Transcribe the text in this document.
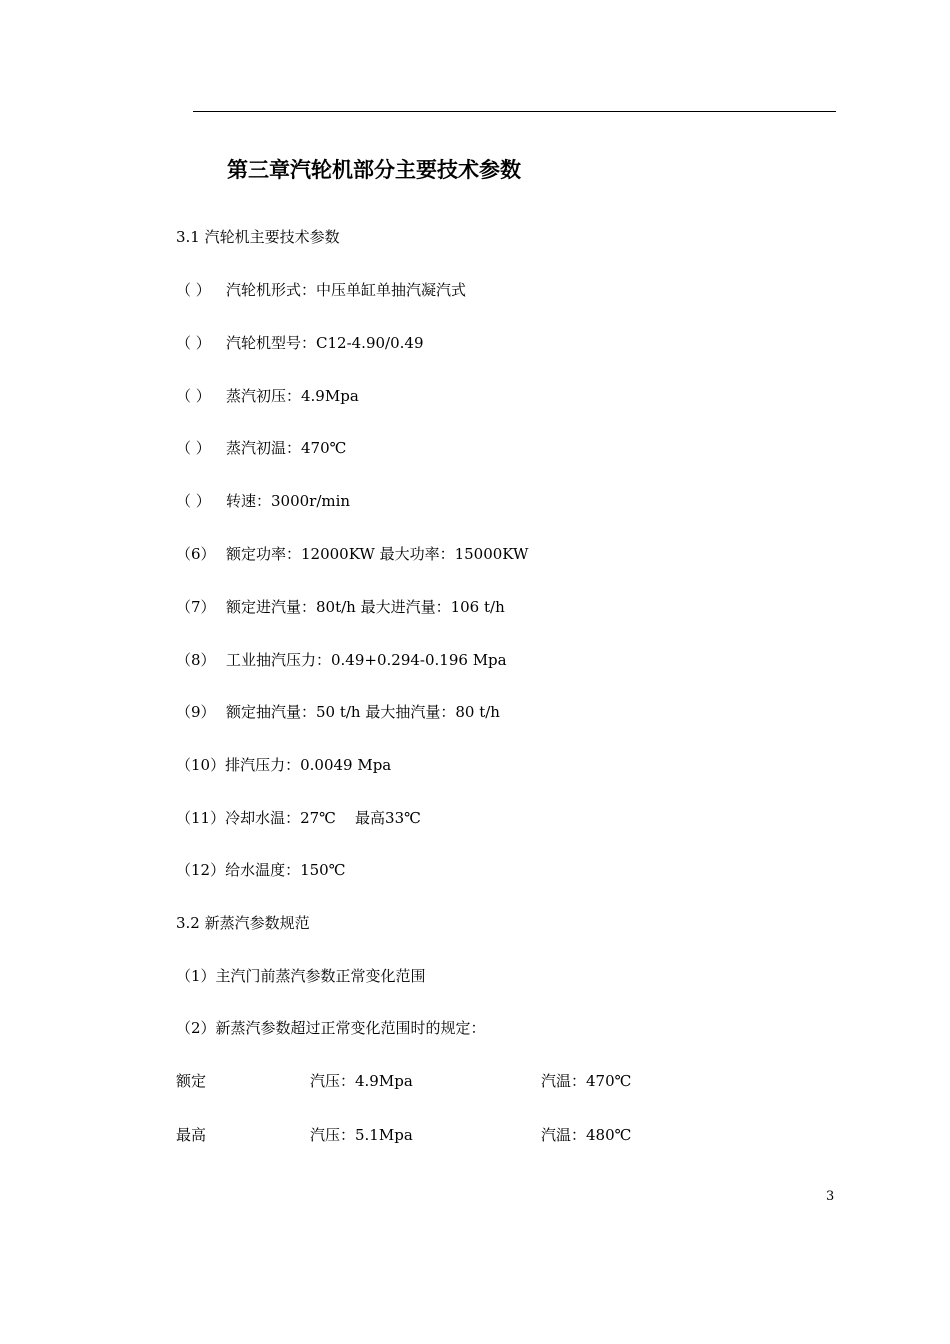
第三章汽轮机部分主要技术参数
3.1 汽轮机主要技术参数
（ ） 汽轮机形式：中压单缸单抽汽凝汽式
（ ） 汽轮机型号：C12-4.90/0.49
（ ） 蒸汽初压：4.9Mpa
（ ） 蒸汽初温：470℃
（ ） 转速：3000r/min
（6） 额定功率：12000KW 最大功率：15000KW
（7） 额定进汽量：80t/h 最大进汽量：106 t/h
（8） 工业抽汽压力：0.49+0.294-0.196 Mpa
（9） 额定抽汽量：50 t/h 最大抽汽量：80 t/h
（10）排汽压力：0.0049 Mpa
（11）冷却水温：27℃    最高33℃
（12）给水温度：150℃
3.2 新蒸汽参数规范
（1）主汽门前蒸汽参数正常变化范围
（2）新蒸汽参数超过正常变化范围时的规定：
额定	汽压：4.9Mpa	汽温：470℃
最高	汽压：5.1Mpa	汽温：480℃
3
